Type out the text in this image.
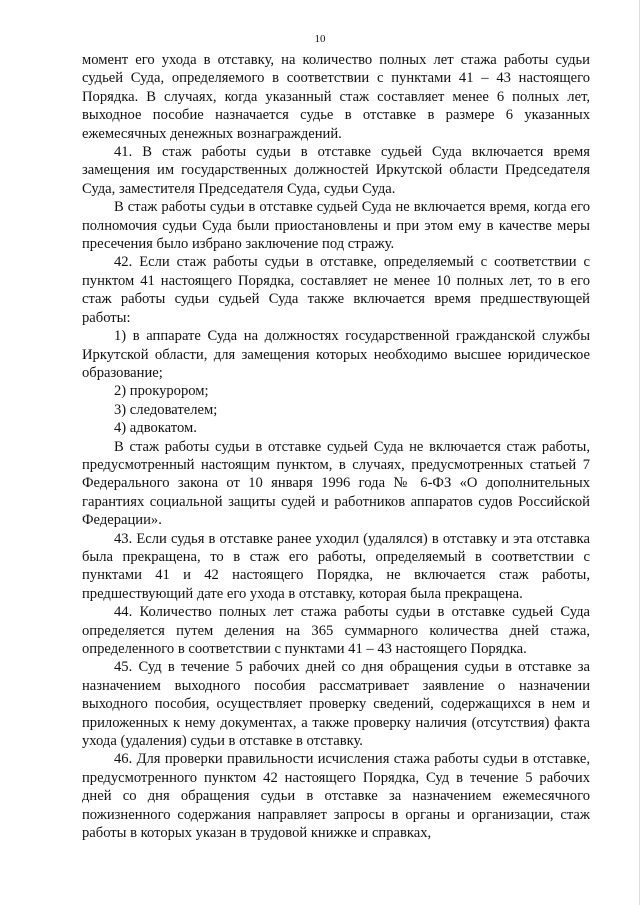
10

момент его ухода в отставку, на количество полных лет стажа работы судьи судьей Суда, определяемого в соответствии с пунктами 41 – 43 настоящего Порядка. В случаях, когда указанный стаж составляет менее 6 полных лет, выходное пособие назначается судье в отставке в размере 6 указанных ежемесячных денежных вознаграждений.

41. В стаж работы судьи в отставке судьей Суда включается время замещения им государственных должностей Иркутской области Председателя Суда, заместителя Председателя Суда, судьи Суда.

В стаж работы судьи в отставке судьей Суда не включается время, когда его полномочия судьи Суда были приостановлены и при этом ему в качестве меры пресечения было избрано заключение под стражу.

42. Если стаж работы судьи в отставке, определяемый с соответствии с пунктом 41 настоящего Порядка, составляет не менее 10 полных лет, то в его стаж работы судьи судьей Суда также включается время предшествующей работы:

1) в аппарате Суда на должностях государственной гражданской службы Иркутской области, для замещения которых необходимо высшее юридическое образование;

2) прокурором;

3) следователем;

4) адвокатом.

В стаж работы судьи в отставке судьей Суда не включается стаж работы, предусмотренный настоящим пунктом, в случаях, предусмотренных статьей 7 Федерального закона от 10 января 1996 года № 6-ФЗ «О дополнительных гарантиях социальной защиты судей и работников аппаратов судов Российской Федерации».

43. Если судья в отставке ранее уходил (удалялся) в отставку и эта отставка была прекращена, то в стаж его работы, определяемый в соответствии с пунктами 41 и 42 настоящего Порядка, не включается стаж работы, предшествующий дате его ухода в отставку, которая была прекращена.

44. Количество полных лет стажа работы судьи в отставке судьей Суда определяется путем деления на 365 суммарного количества дней стажа, определенного в соответствии с пунктами 41 – 43 настоящего Порядка.

45. Суд в течение 5 рабочих дней со дня обращения судьи в отставке за назначением выходного пособия рассматривает заявление о назначении выходного пособия, осуществляет проверку сведений, содержащихся в нем и приложенных к нему документах, а также проверку наличия (отсутствия) факта ухода (удаления) судьи в отставке в отставку.

46. Для проверки правильности исчисления стажа работы судьи в отставке, предусмотренного пунктом 42 настоящего Порядка, Суд в течение 5 рабочих дней со дня обращения судьи в отставке за назначением ежемесячного пожизненного содержания направляет запросы в органы и организации, стаж работы в которых указан в трудовой книжке и справках,
